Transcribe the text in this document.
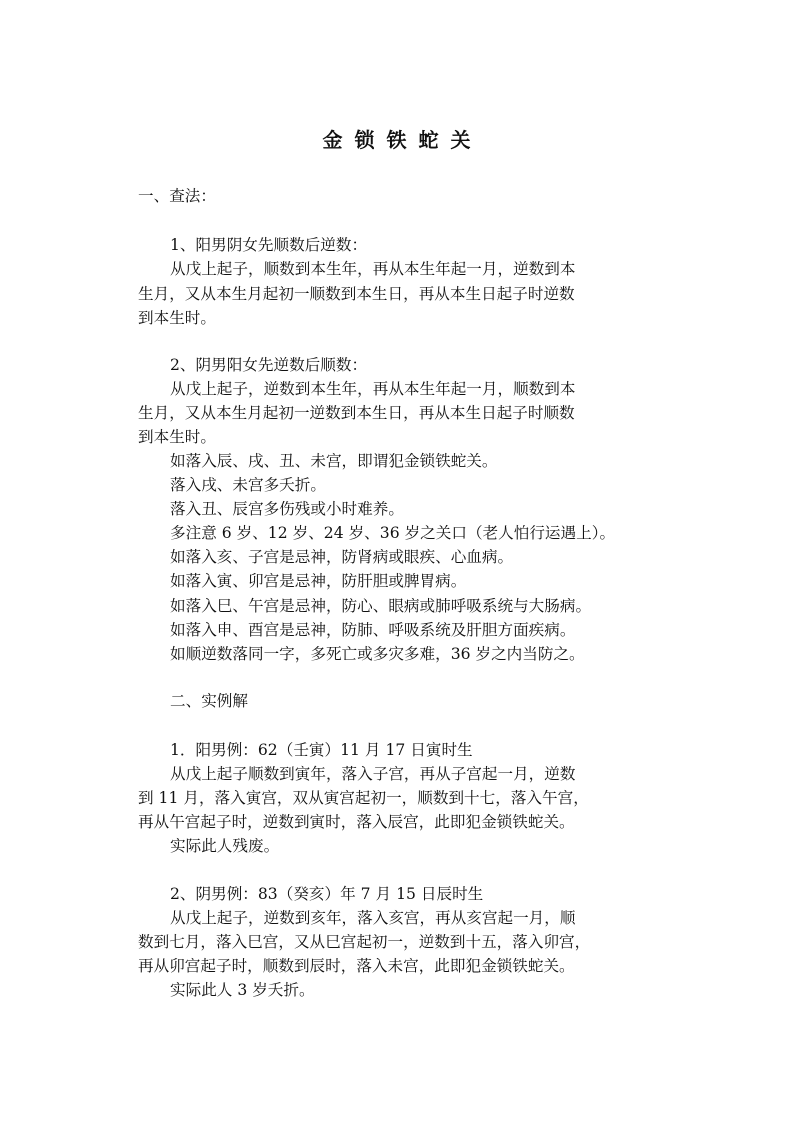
金锁铁蛇关
一、查法：
1、阳男阴女先顺数后逆数：
从戊上起子，顺数到本生年，再从本生年起一月，逆数到本
生月，又从本生月起初一顺数到本生日，再从本生日起子时逆数
到本生时。
2、阴男阳女先逆数后顺数：
从戊上起子，逆数到本生年，再从本生年起一月，顺数到本
生月，又从本生月起初一逆数到本生日，再从本生日起子时顺数
到本生时。
如落入辰、戌、丑、未宫，即谓犯金锁铁蛇关。
落入戌、未宫多夭折。
落入丑、辰宫多伤残或小时难养。
多注意 6 岁、12 岁、24 岁、36 岁之关口（老人怕行运遇上）。
如落入亥、子宫是忌神，防肾病或眼疾、心血病。
如落入寅、卯宫是忌神，防肝胆或脾胃病。
如落入巳、午宫是忌神，防心、眼病或肺呼吸系统与大肠病。
如落入申、酉宫是忌神，防肺、呼吸系统及肝胆方面疾病。
如顺逆数落同一字，多死亡或多灾多难，36 岁之内当防之。
二、实例解
1．阳男例：62（壬寅）11 月 17 日寅时生
从戊上起子顺数到寅年，落入子宫，再从子宫起一月，逆数
到 11 月，落入寅宫，双从寅宫起初一，顺数到十七，落入午宫，
再从午宫起子时，逆数到寅时，落入辰宫，此即犯金锁铁蛇关。
实际此人残废。
2、阴男例：83（癸亥）年 7 月 15 日辰时生
从戊上起子，逆数到亥年，落入亥宫，再从亥宫起一月，顺
数到七月，落入巳宫，又从巳宫起初一，逆数到十五，落入卯宫，
再从卯宫起子时，顺数到辰时，落入未宫，此即犯金锁铁蛇关。
实际此人 3 岁夭折。
